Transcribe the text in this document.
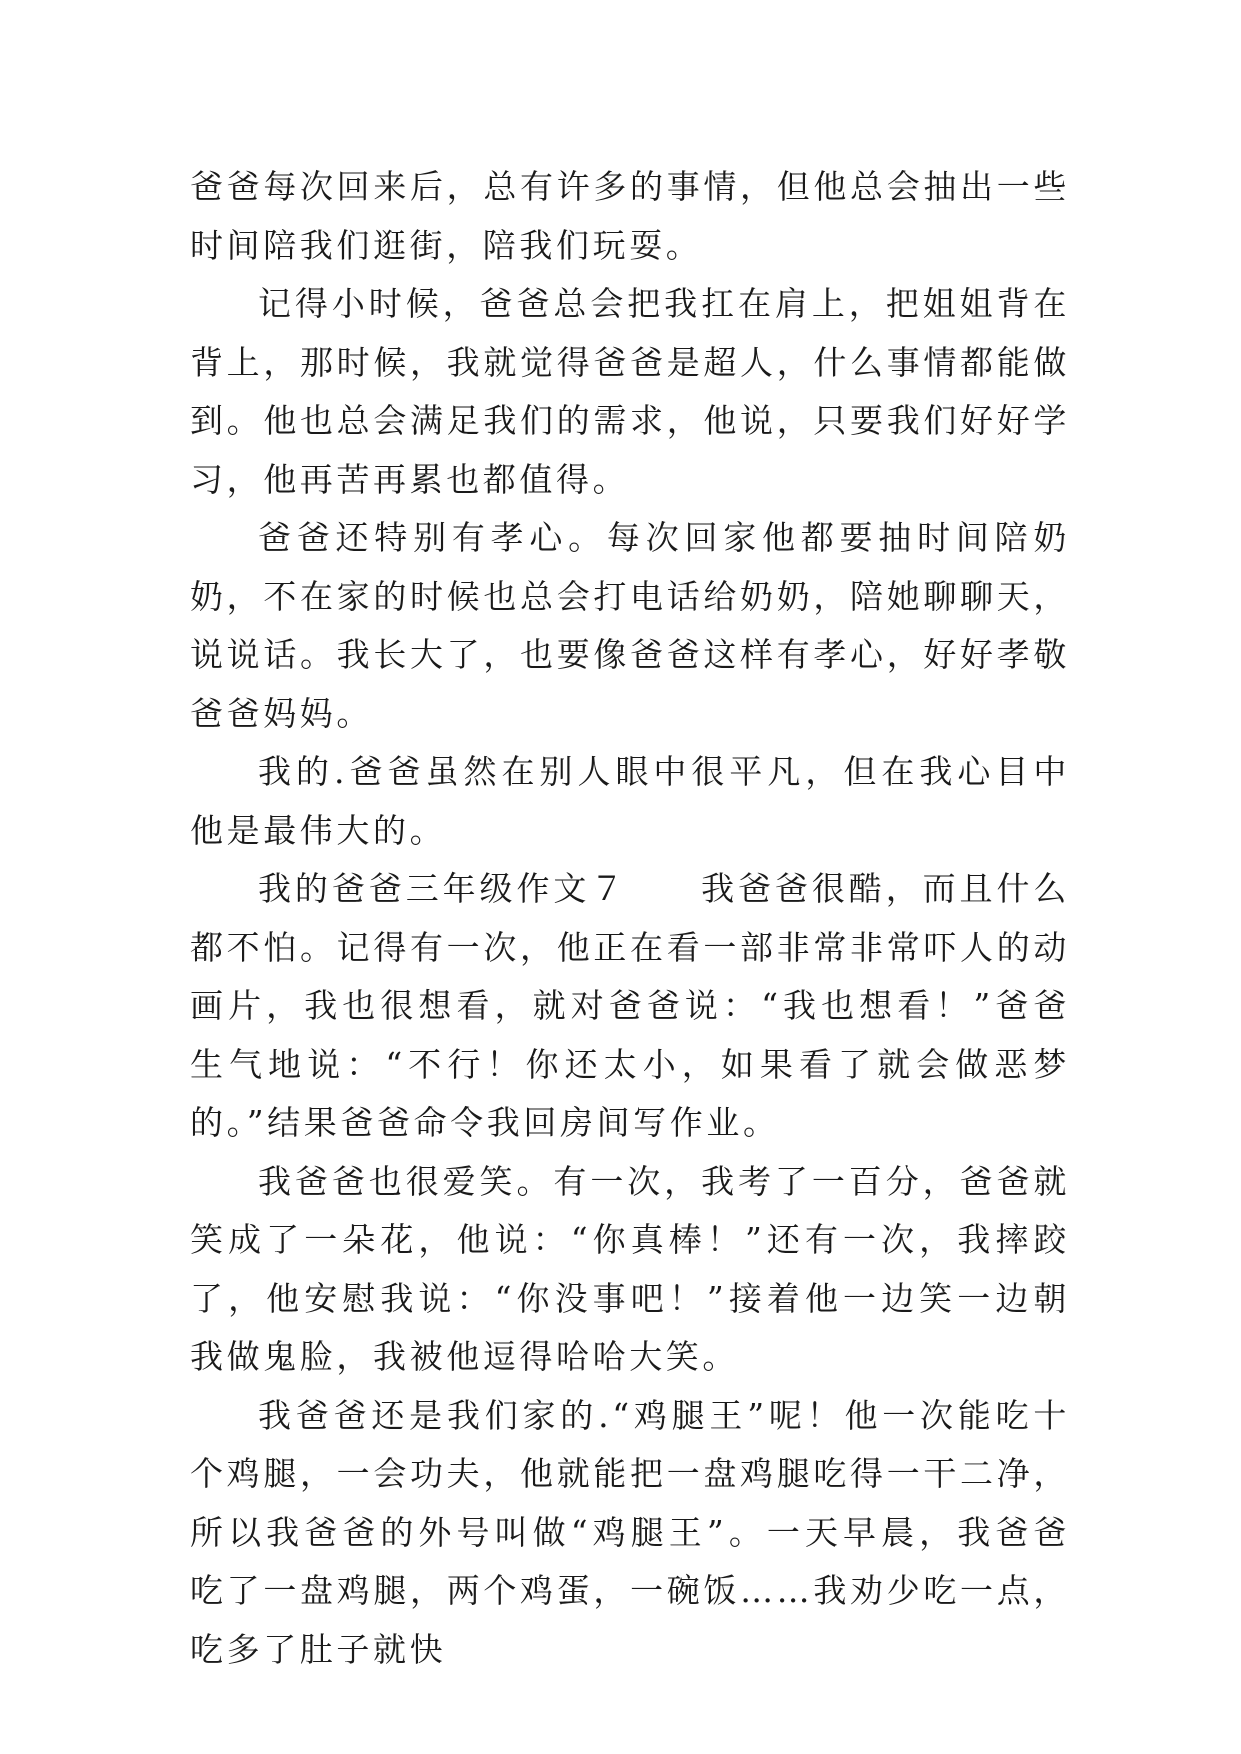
爸爸每次回来后，总有许多的事情，但他总会抽出一些时间陪我们逛街，陪我们玩耍。

记得小时候，爸爸总会把我扛在肩上，把姐姐背在背上，那时候，我就觉得爸爸是超人，什么事情都能做到。他也总会满足我们的需求，他说，只要我们好好学习，他再苦再累也都值得。

爸爸还特别有孝心。每次回家他都要抽时间陪奶奶，不在家的时候也总会打电话给奶奶，陪她聊聊天，说说话。我长大了，也要像爸爸这样有孝心，好好孝敬爸爸妈妈。

我的.爸爸虽然在别人眼中很平凡，但在我心目中他是最伟大的。

我的爸爸三年级作文７　　我爸爸很酷，而且什么都不怕。记得有一次，他正在看一部非常非常吓人的动画片，我也很想看，就对爸爸说：“我也想看！”爸爸生气地说：“不行！你还太小，如果看了就会做恶梦的。”结果爸爸命令我回房间写作业。

我爸爸也很爱笑。有一次，我考了一百分，爸爸就笑成了一朵花，他说：“你真棒！”还有一次，我摔跤了，他安慰我说：“你没事吧！”接着他一边笑一边朝我做鬼脸，我被他逗得哈哈大笑。

我爸爸还是我们家的.“鸡腿王”呢！他一次能吃十个鸡腿，一会功夫，他就能把一盘鸡腿吃得一干二净，所以我爸爸的外号叫做“鸡腿王”。一天早晨，我爸爸吃了一盘鸡腿，两个鸡蛋，一碗饭……我劝少吃一点，吃多了肚子就快
